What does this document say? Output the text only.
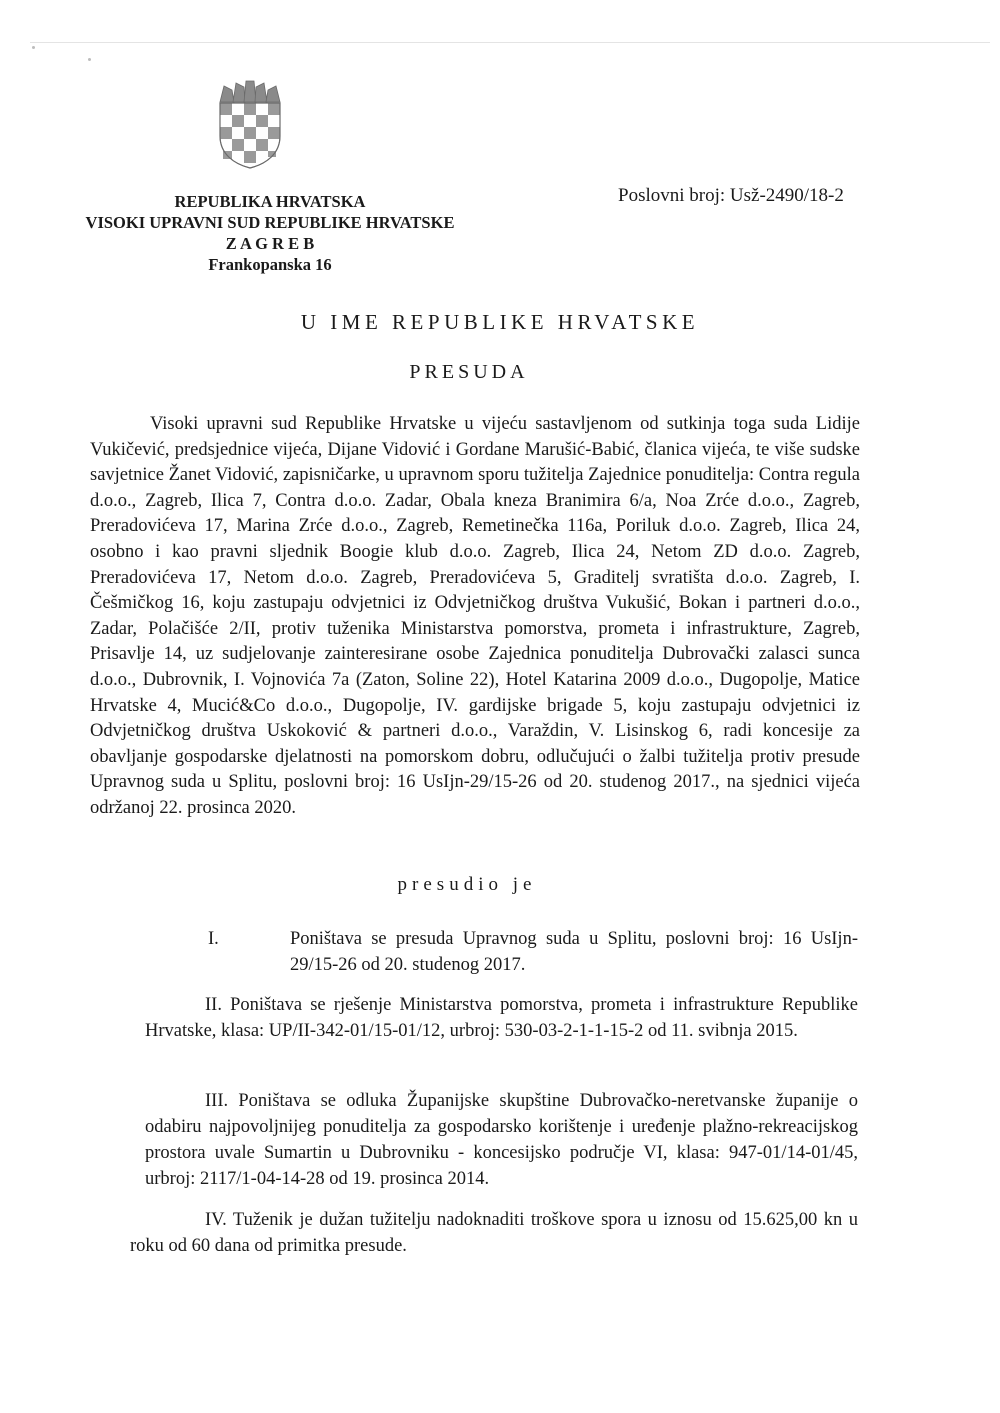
REPUBLIKA HRVATSKA
VISOKI UPRAVNI SUD REPUBLIKE HRVATSKE
Z A G R E B
Frankopanska 16
Poslovni broj: Usž-2490/18-2
U IME REPUBLIKE HRVATSKE
PRESUDA

Visoki upravni sud Republike Hrvatske u vijeću sastavljenom od sutkinja toga suda Lidije Vukičević, predsjednice vijeća, Dijane Vidović i Gordane Marušić-Babić, članica vijeća, te više sudske savjetnice Žanet Vidović, zapisničarke, u upravnom sporu tužitelja Zajednice ponuditelja: Contra regula d.o.o., Zagreb, Ilica 7, Contra d.o.o. Zadar, Obala kneza Branimira 6/a, Noa Zrće d.o.o., Zagreb, Preradovićeva 17, Marina Zrće d.o.o., Zagreb, Remetinečka 116a, Poriluk d.o.o. Zagreb, Ilica 24, osobno i kao pravni sljednik Boogie klub d.o.o. Zagreb, Ilica 24, Netom ZD d.o.o. Zagreb, Preradovićeva 17, Netom d.o.o. Zagreb, Preradovićeva 5, Graditelj svratišta d.o.o. Zagreb, I. Češmičkog 16, koju zastupaju odvjetnici iz Odvjetničkog društva Vukušić, Bokan i partneri d.o.o., Zadar, Polačišće 2/II, protiv tuženika Ministarstva pomorstva, prometa i infrastrukture, Zagreb, Prisavlje 14, uz sudjelovanje zainteresirane osobe Zajednica ponuditelja Dubrovački zalasci sunca d.o.o., Dubrovnik, I. Vojnovića 7a (Zaton, Soline 22), Hotel Katarina 2009 d.o.o., Dugopolje, Matice Hrvatske 4, Mucić&Co d.o.o., Dugopolje, IV. gardijske brigade 5, koju zastupaju odvjetnici iz Odvjetničkog društva Uskoković & partneri d.o.o., Varaždin, V. Lisinskog 6, radi koncesije za obavljanje gospodarske djelatnosti na pomorskom dobru, odlučujući o žalbi tužitelja protiv presude Upravnog suda u Splitu, poslovni broj: 16 UsIjn-29/15-26 od 20. studenog 2017., na sjednici vijeća održanoj 22. prosinca 2020.

presudio je
I.	Poništava se presuda Upravnog suda u Splitu, poslovni broj: 16 UsIjn-29/15-26 od 20. studenog 2017.

II. Poništava se rješenje Ministarstva pomorstva, prometa i infrastrukture Republike Hrvatske, klasa: UP/II-342-01/15-01/12, urbroj: 530-03-2-1-1-15-2 od 11. svibnja 2015.

III. Poništava se odluka Županijske skupštine Dubrovačko-neretvanske županije o odabiru najpovoljnijeg ponuditelja za gospodarsko korištenje i uređenje plažno-rekreacijskog prostora uvale Sumartin u Dubrovniku - koncesijsko područje VI, klasa: 947-01/14-01/45, urbroj: 2117/1-04-14-28 od 19. prosinca 2014.

IV. Tuženik je dužan tužitelju nadoknaditi troškove spora u iznosu od 15.625,00 kn u roku od 60 dana od primitka presude.
